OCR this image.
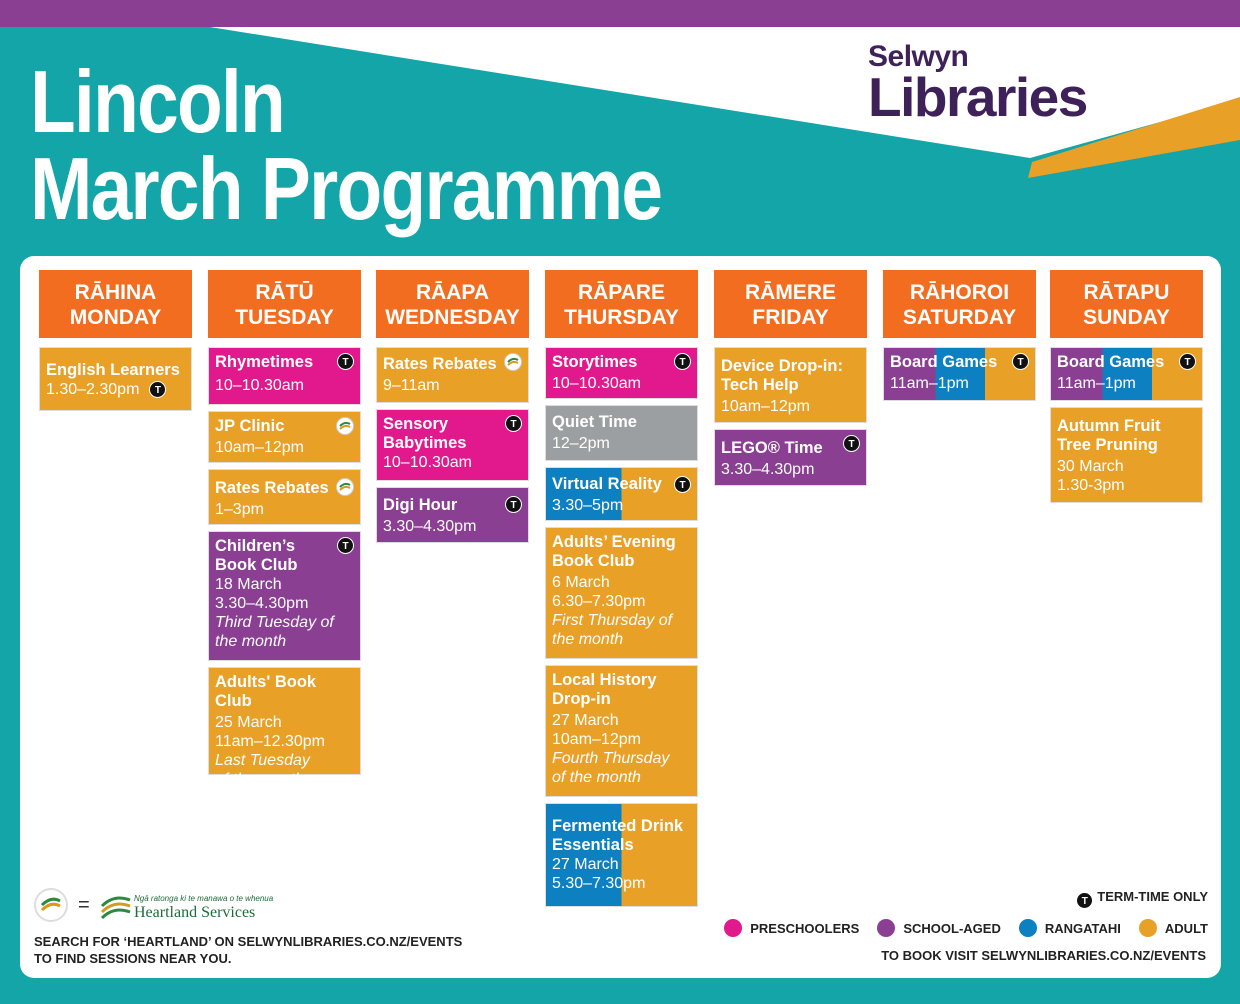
Lincoln
March Programme
Selwyn
Libraries
RĀHINA
MONDAY
English Learners
1.30–2.30pm T
RĀTŪ
TUESDAY
Rhymetimes
10–10.30am
T
JP Clinic
10am–12pm
Rates Rebates
1–3pm
Children’s Book Club
18 March
3.30–4.30pm
Third Tuesday of the month
T
Adults' Book Club
25 March
11am–12.30pm
Last Tuesday of the month
RĀAPA
WEDNESDAY
Rates Rebates
9–11am
Sensory Babytimes
10–10.30am
T
Digi Hour
3.30–4.30pm
T
RĀPARE
THURSDAY
Storytimes
10–10.30am
T
Quiet Time
12–2pm
Virtual Reality
3.30–5pm
T
Adults’ Evening Book Club
6 March
6.30–7.30pm
First Thursday of the month
Local History Drop-in
27 March
10am–12pm
Fourth Thursday of the month
Fermented Drink Essentials
27 March
5.30–7.30pm
RĀMERE
FRIDAY
Device Drop-in: Tech Help
10am–12pm
LEGO® Time
3.30–4.30pm
T
RĀHOROI
SATURDAY
Board Games
11am–1pm
T
RĀTAPU
SUNDAY
Board Games
11am–1pm
T
Autumn Fruit Tree Pruning
30 March
1.30-3pm
=	Ngā ratonga ki te manawa o te whenua
Heartland Services
SEARCH FOR ‘HEARTLAND’ ON SELWYNLIBRARIES.CO.NZ/EVENTS
TO FIND SESSIONS NEAR YOU.
T TERM-TIME ONLY
PRESCHOOLERS	SCHOOL-AGED	RANGATAHI	ADULT
TO BOOK VISIT SELWYNLIBRARIES.CO.NZ/EVENTS
